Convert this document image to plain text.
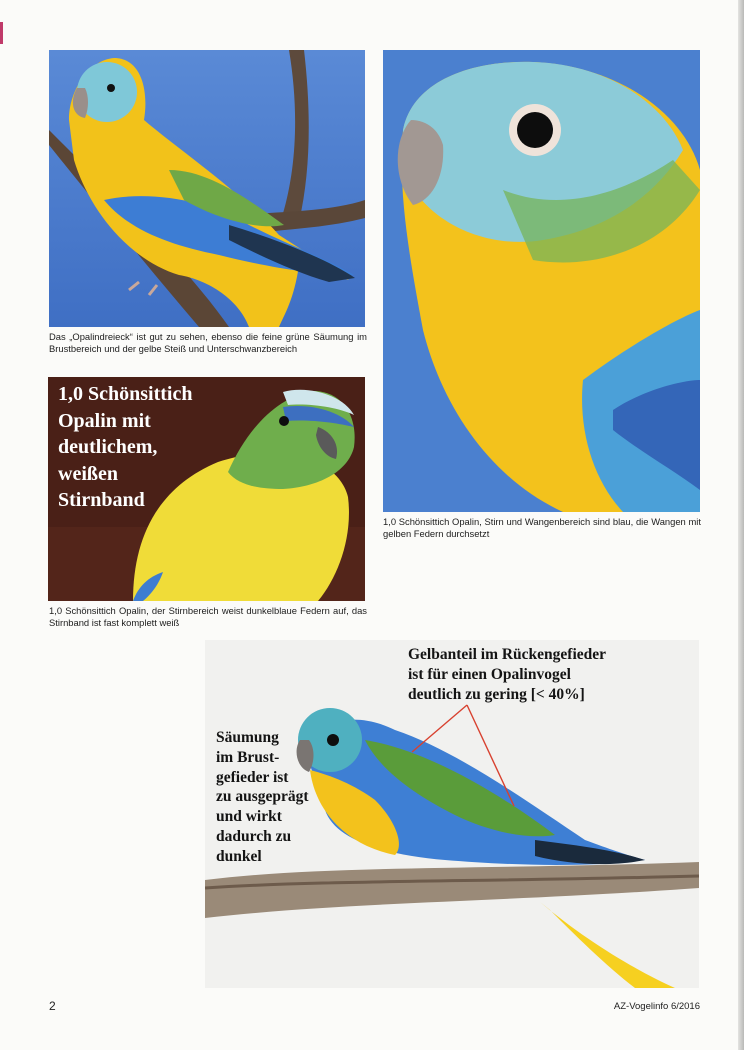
Das „Opalindreieck“ ist gut zu sehen, ebenso die feine grüne Säumung im Brustbereich und der gelbe Steiß und Unterschwanzbereich

1,0 Schönsittich Opalin, Stirn und Wangenbereich sind blau, die Wangen mit gelben Federn durchsetzt

1,0 Schönsittich Opalin, der Stirnbereich weist dunkelblaue Federn auf, das Stirnband ist fast komplett weiß

1,0 Schönsittich
Opalin mit
deutlichem,
weißen
Stirnband

Gelbanteil im Rückengefieder
ist für einen Opalinvogel
deutlich zu gering [< 40%]

Säumung
im Brust-
gefieder ist
zu ausgeprägt
und wirkt
dadurch zu
dunkel

2	AZ-Vogelinfo 6/2016
